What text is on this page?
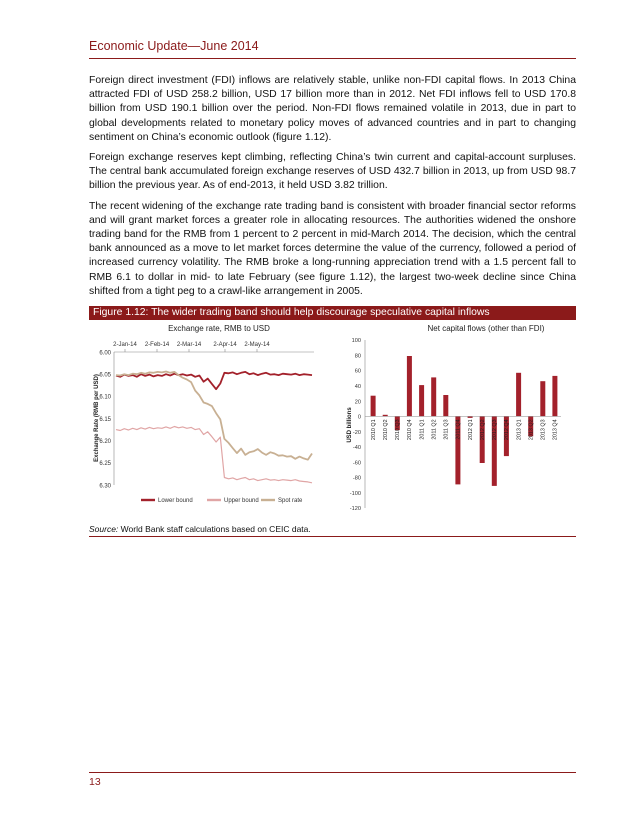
Economic Update—June 2014

Foreign direct investment (FDI) inflows are relatively stable, unlike non-FDI capital flows. In 2013 China attracted FDI of USD 258.2 billion, USD 17 billion more than in 2012. Net FDI inflows fell to USD 170.8 billion from USD 190.1 billion over the period. Non-FDI flows remained volatile in 2013, due in part to global developments related to monetary policy moves of advanced countries and in part to changing sentiment on China’s economic outlook (figure 1.12).

Foreign exchange reserves kept climbing, reflecting China’s twin current and capital-account surpluses. The central bank accumulated foreign exchange reserves of USD 432.7 billion in 2013, up from USD 98.7 billion the previous year. As of end-2013, it held USD 3.82 trillion.

The recent widening of the exchange rate trading band is consistent with broader financial sector reforms and will grant market forces a greater role in allocating resources. The authorities widened the onshore trading band for the RMB from 1 percent to 2 percent in mid-March 2014. The decision, which the central bank announced as a move to let market forces determine the value of the currency, followed a period of increased currency volatility. The RMB broke a long-running appreciation trend with a 1.5 percent fall to RMB 6.1 to dollar in mid- to late February (see figure 1.12), the largest two-week decline since China shifted from a tight peg to a crawl-like arrangement in 2005.

Figure 1.12: The wider trading band should help discourage speculative capital inflows
Exchange rate, RMB to USD
Exchange Rate (RMB per USD)
2-Jan-14 2-Feb-14 2-Mar-14 2-Apr-14 2-May-14
6.00
6.05
6.10
6.15
6.20
6.25
6.30
Lower bound	Upper bound	Spot rate
Net capital flows (other than FDI)
USD billions
100
80
60
40
20
0
-20
-40
-60
-80
-100
-120
2010 Q1 2010 Q2 2010 Q3 2010 Q4 2011 Q1 2011 Q2 2011 Q3 2011 Q4 2012 Q1 2012 Q2 2012 Q3 2012 Q4 2013 Q1 2013 Q2 2013 Q3 2013 Q4
Source: World Bank staff calculations based on CEIC data.
13
